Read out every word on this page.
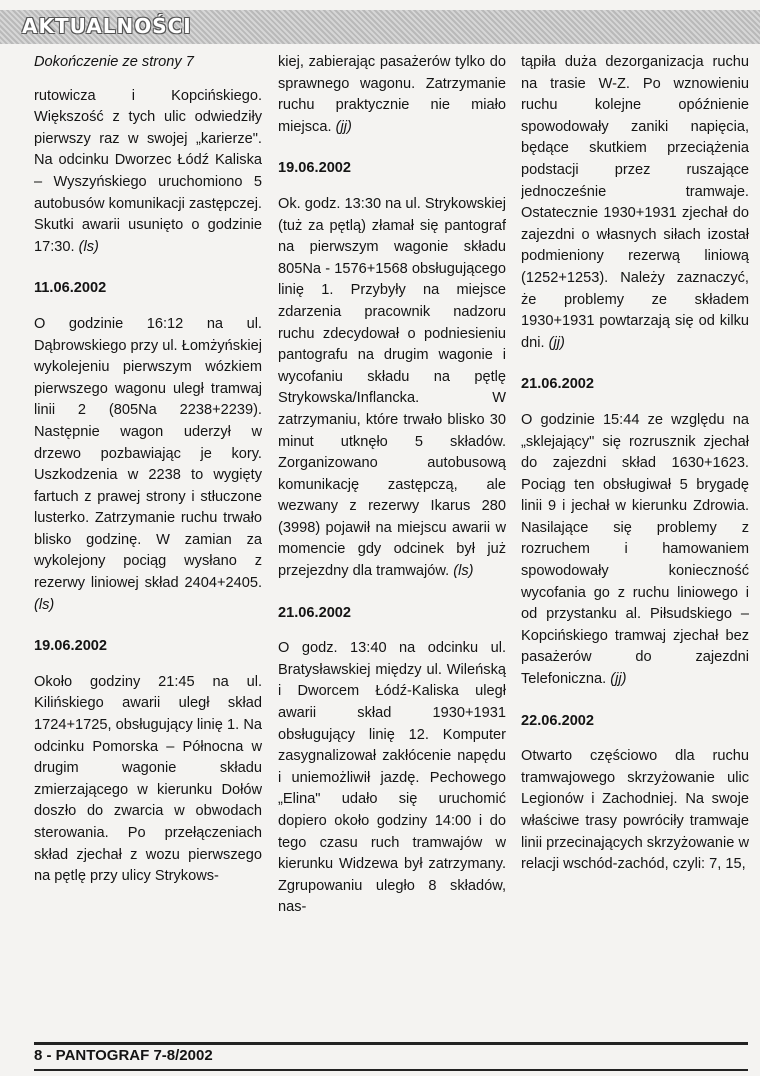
AKTUALNOŚCI

Dokończenie ze strony 7

rutowicza i Kopcińskiego. Większość z tych ulic odwiedziły pierwszy raz w swojej „karierze". Na odcinku Dworzec Łódź Kaliska – Wyszyńskiego uruchomiono 5 autobusów komunikacji zastępczej. Skutki awarii usunięto o godzinie 17:30. (ls)

11.06.2002

O godzinie 16:12 na ul. Dąbrowskiego przy ul. Łomżyńskiej wykolejeniu pierwszym wózkiem pierwszego wagonu uległ tramwaj linii 2 (805Na 2238+2239). Następnie wagon uderzył w drzewo pozbawiając je kory. Uszkodzenia w 2238 to wygięty fartuch z prawej strony i stłuczone lusterko. Zatrzymanie ruchu trwało blisko godzinę. W zamian za wykolejony pociąg wysłano z rezerwy liniowej skład 2404+2405. (ls)

19.06.2002

Około godziny 21:45 na ul. Kilińskiego awarii uległ skład 1724+1725, obsługujący linię 1. Na odcinku Pomorska – Północna w drugim wagonie składu zmierzającego w kierunku Dołów doszło do zwarcia w obwodach sterowania. Po przełączeniach skład zjechał z wozu pierwszego na pętlę przy ulicy Strykows-

kiej, zabierając pasażerów tylko do sprawnego wagonu. Zatrzymanie ruchu praktycznie nie miało miejsca. (jj)

19.06.2002

Ok. godz. 13:30 na ul. Strykowskiej (tuż za pętlą) złamał się pantograf na pierwszym wagonie składu 805Na - 1576+1568 obsługującego linię 1. Przybyły na miejsce zdarzenia pracownik nadzoru ruchu zdecydował o podniesieniu pantografu na drugim wagonie i wycofaniu składu na pętlę Strykowska/Inflancka. W zatrzymaniu, które trwało blisko 30 minut utknęło 5 składów. Zorganizowano autobusową komunikację zastępczą, ale wezwany z rezerwy Ikarus 280 (3998) pojawił na miejscu awarii w momencie gdy odcinek był już przejezdny dla tramwajów. (ls)

21.06.2002

O godz. 13:40 na odcinku ul. Bratysławskiej między ul. Wileńską i Dworcem Łódź-Kaliska uległ awarii skład 1930+1931 obsługujący linię 12. Komputer zasygnalizował zakłócenie napędu i uniemożliwił jazdę. Pechowego „Elina" udało się uruchomić dopiero około godziny 14:00 i do tego czasu ruch tramwajów w kierunku Widzewa był zatrzymany. Zgrupowaniu uległo 8 składów, nas-

tąpiła duża dezorganizacja ruchu na trasie W-Z. Po wznowieniu ruchu kolejne opóźnienie spowodowały zaniki napięcia, będące skutkiem przeciążenia podstacji przez ruszające jednocześnie tramwaje. Ostatecznie 1930+1931 zjechał do zajezdni o własnych siłach izostał podmieniony rezerwą liniową (1252+1253). Należy zaznaczyć, że problemy ze składem 1930+1931 powtarzają się od kilku dni. (jj)

21.06.2002

O godzinie 15:44 ze względu na „sklejający" się rozrusznik zjechał do zajezdni skład 1630+1623. Pociąg ten obsługiwał 5 brygadę linii 9 i jechał w kierunku Zdrowia. Nasilające się problemy z rozruchem i hamowaniem spowodowały konieczność wycofania go z ruchu liniowego i od przystanku al. Piłsudskiego – Kopcińskiego tramwaj zjechał bez pasażerów do zajezdni Telefoniczna. (jj)

22.06.2002

Otwarto częściowo dla ruchu tramwajowego skrzyżowanie ulic Legionów i Zachodniej. Na swoje właściwe trasy powróciły tramwaje linii przecinających skrzyżowanie w relacji wschód-zachód, czyli: 7, 15,

8 - PANTOGRAF 7-8/2002
